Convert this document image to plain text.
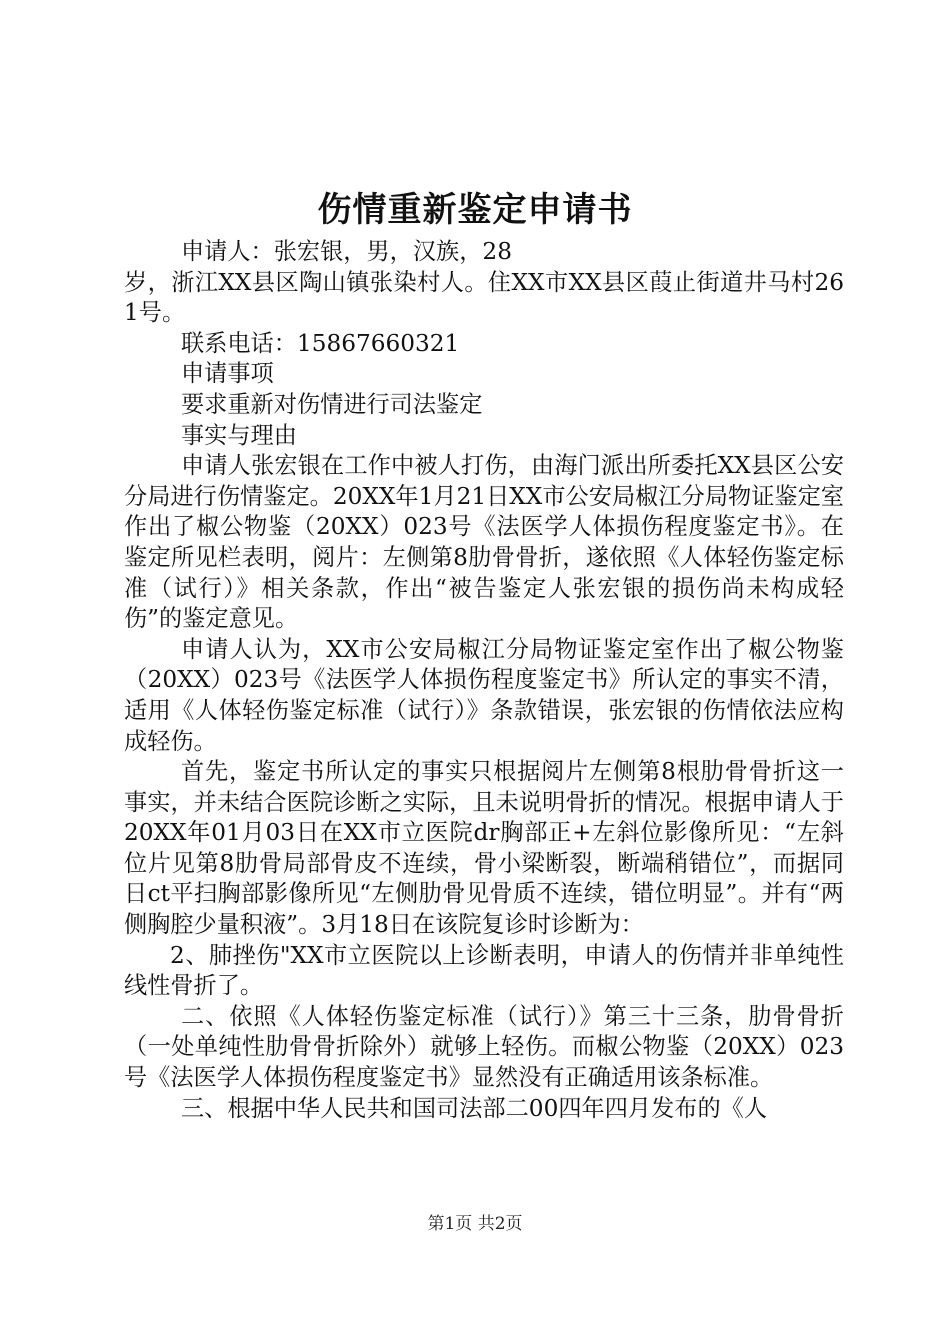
伤情重新鉴定申请书

申请人：张宏银，男，汉族，28

岁，浙江XX县区陶山镇张染村人。住XX市XX县区葭止街道井马村261号。

联系电话：15867660321

申请事项

要求重新对伤情进行司法鉴定

事实与理由

申请人张宏银在工作中被人打伤，由海门派出所委托XX县区公安分局进行伤情鉴定。20XX年1月21日XX市公安局椒江分局物证鉴定室作出了椒公物鉴（20XX）023号《法医学人体损伤程度鉴定书》。在鉴定所见栏表明，阅片：左侧第8肋骨骨折，遂依照《人体轻伤鉴定标准（试行）》相关条款，作出“被告鉴定人张宏银的损伤尚未构成轻伤”的鉴定意见。

申请人认为，XX市公安局椒江分局物证鉴定室作出了椒公物鉴（20XX）023号《法医学人体损伤程度鉴定书》所认定的事实不清，适用《人体轻伤鉴定标准（试行）》条款错误，张宏银的伤情依法应构成轻伤。

首先，鉴定书所认定的事实只根据阅片左侧第8根肋骨骨折这一事实，并未结合医院诊断之实际，且未说明骨折的情况。根据申请人于20XX年01月03日在XX市立医院dr胸部正+左斜位影像所见：“左斜位片见第8肋骨局部骨皮不连续，骨小梁断裂，断端稍错位”，而据同日ct平扫胸部影像所见“左侧肋骨见骨质不连续，错位明显”。并有“两侧胸腔少量积液”。3月18日在该院复诊时诊断为：

2、肺挫伤"XX市立医院以上诊断表明，申请人的伤情并非单纯性线性骨折了。

二、依照《人体轻伤鉴定标准（试行）》第三十三条，肋骨骨折（一处单纯性肋骨骨折除外）就够上轻伤。而椒公物鉴（20XX）023号《法医学人体损伤程度鉴定书》显然没有正确适用该条标准。

三、根据中华人民共和国司法部二00四年四月发布的《人

第1页 共2页
